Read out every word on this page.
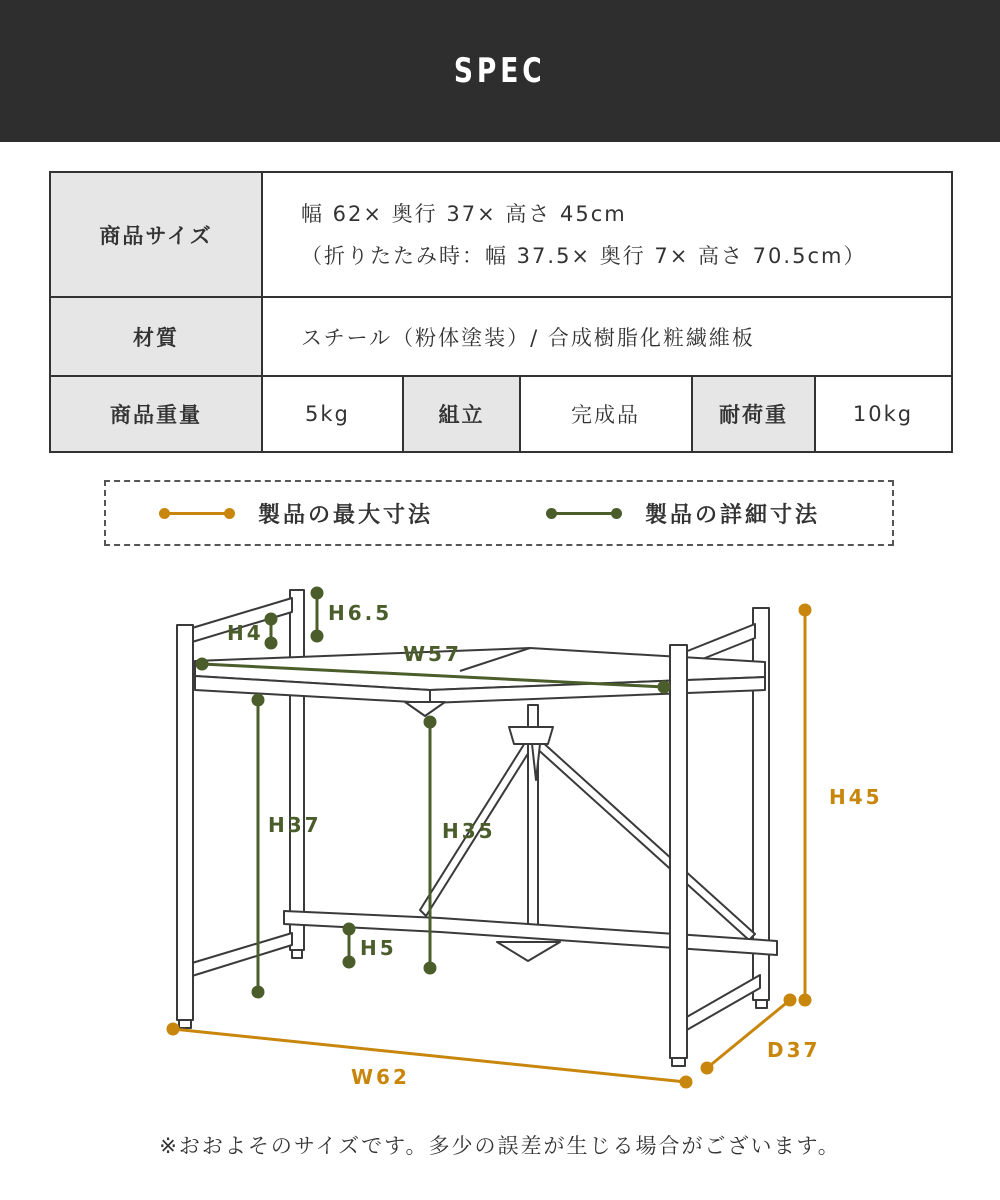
SPEC
商品サイズ	幅 62× 奥行 37× 高さ 45cm
（折りたたみ時：幅 37.5× 奥行 7× 高さ 70.5cm）				

材質	スチール（粉体塗装）/ 合成樹脂化粧繊維板				
商品重量	5kg	組立	完成品	耐荷重	10kg
製品の最大寸法	製品の詳細寸法
H6.5
H4
W57
H37	H35
H5
H45
D37
W62
※おおよそのサイズです。多少の誤差が生じる場合がございます。
